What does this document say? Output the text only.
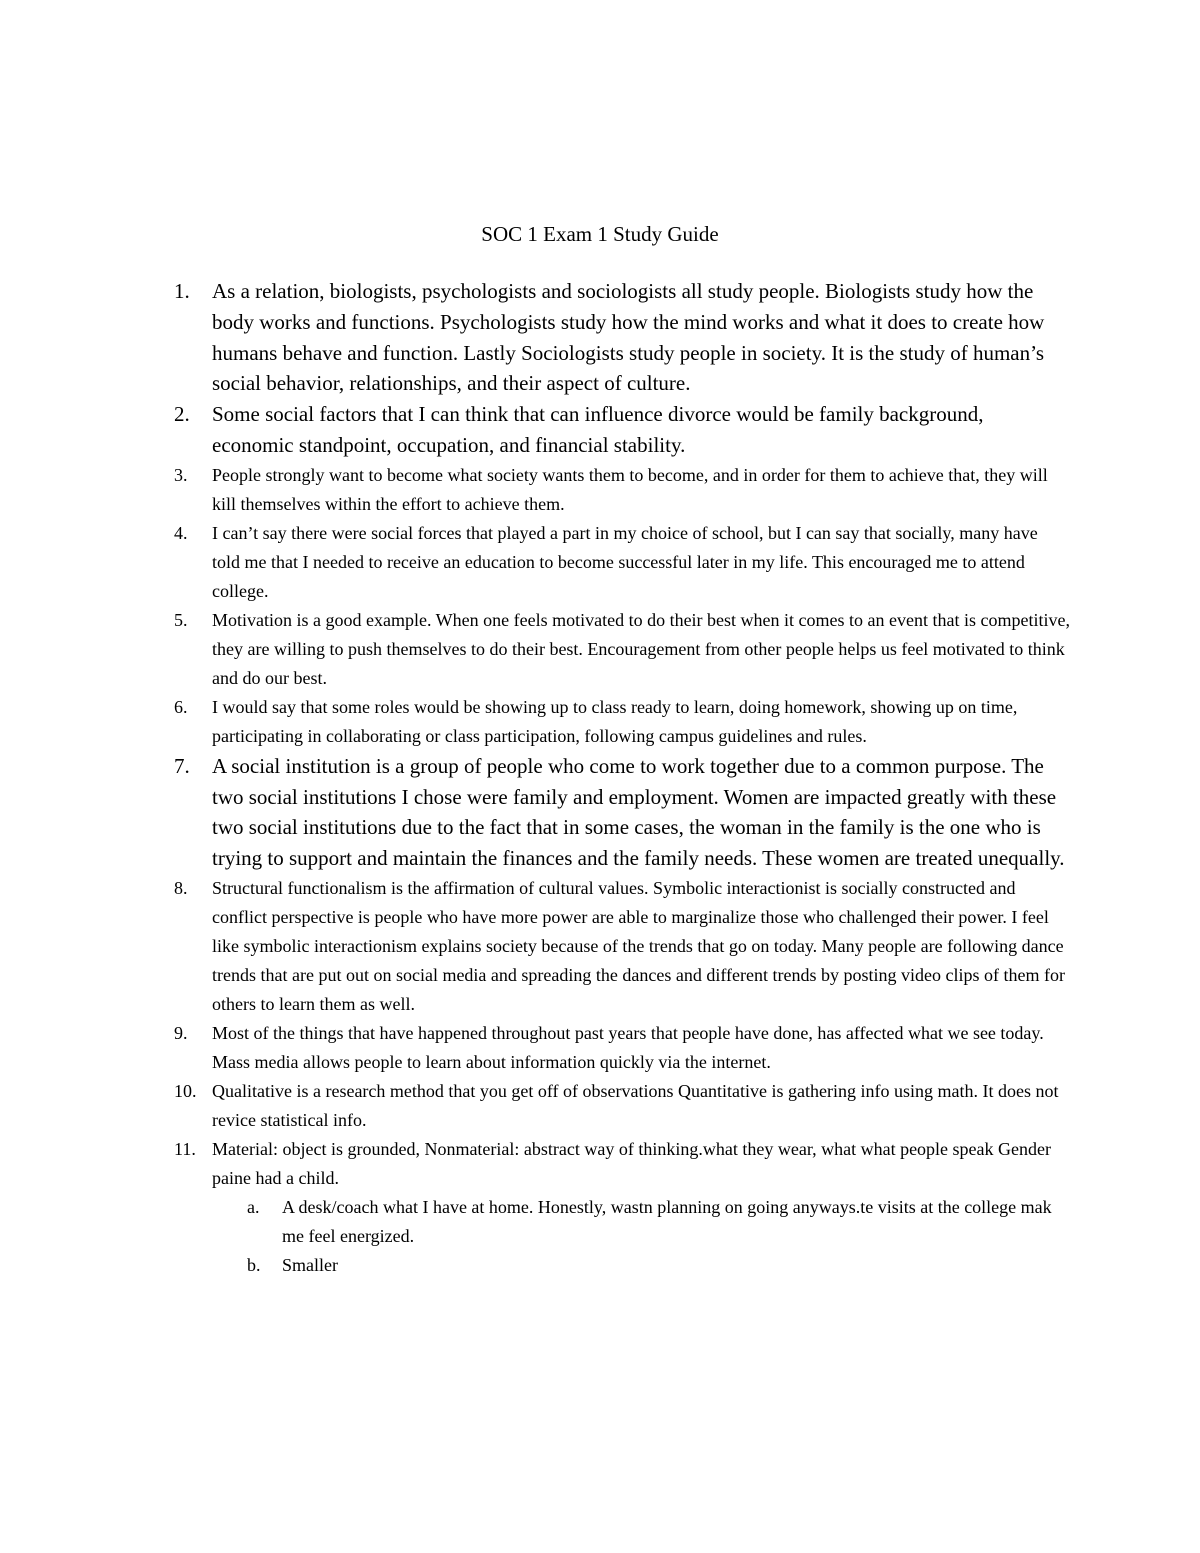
SOC 1 Exam 1 Study Guide
1. As a relation, biologists, psychologists and sociologists all study people. Biologists study how the body works and functions. Psychologists study how the mind works and what it does to create how humans behave and function. Lastly Sociologists study people in society. It is the study of human’s social behavior, relationships, and their aspect of culture.
2. Some social factors that I can think that can influence divorce would be family background, economic standpoint, occupation, and financial stability.
3. People strongly want to become what society wants them to become, and in order for them to achieve that, they will kill themselves within the effort to achieve them.
4. I can’t say there were social forces that played a part in my choice of school, but I can say that socially, many have told me that I needed to receive an education to become successful later in my life. This encouraged me to attend college.
5. Motivation is a good example. When one feels motivated to do their best when it comes to an event that is competitive, they are willing to push themselves to do their best. Encouragement from other people helps us feel motivated to think and do our best.
6. I would say that some roles would be showing up to class ready to learn, doing homework, showing up on time, participating in collaborating or class participation, following campus guidelines and rules.
7. A social institution is a group of people who come to work together due to a common purpose. The two social institutions I chose were family and employment. Women are impacted greatly with these two social institutions due to the fact that in some cases, the woman in the family is the one who is trying to support and maintain the finances and the family needs. These women are treated unequally.
8. Structural functionalism is the affirmation of cultural values. Symbolic interactionist is socially constructed and conflict perspective is people who have more power are able to marginalize those who challenged their power. I feel like symbolic interactionism explains society because of the trends that go on today. Many people are following dance trends that are put out on social media and spreading the dances and different trends by posting video clips of them for others to learn them as well.
9. Most of the things that have happened throughout past years that people have done, has affected what we see today. Mass media allows people to learn about information quickly via the internet.
10. Qualitative is a research method that you get off of observations Quantitative is gathering info using math. It does not revice statistical info.
11. Material: object is grounded, Nonmaterial: abstract way of thinking.what they wear, what what people speak Gender paine had a child.
a. A desk/coach what I have at home. Honestly, wastn planning on going anyways.te visits at the college mak me feel energized.
b. Smaller
